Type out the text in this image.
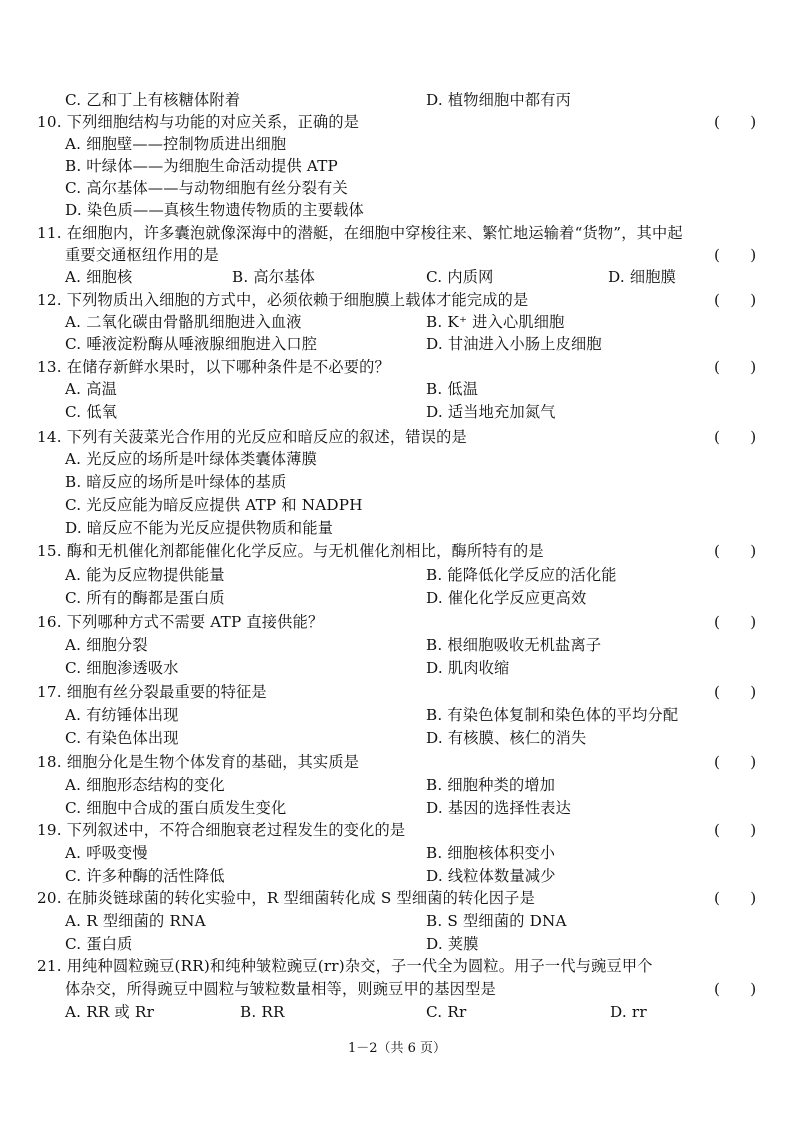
1－2（共 6 页）
C. 乙和丁上有核糖体附着	D. 植物细胞中都有丙
10. 下列细胞结构与功能的对应关系，正确的是
A. 细胞壁——控制物质进出细胞
B. 叶绿体——为细胞生命活动提供 ATP
C. 高尔基体——与动物细胞有丝分裂有关
D. 染色质——真核生物遗传物质的主要载体
11. 在细胞内，许多囊泡就像深海中的潜艇，在细胞中穿梭往来、繁忙地运输着“货物”，其中起
重要交通枢纽作用的是
A. 细胞核	B. 高尔基体	C. 内质网	D. 细胞膜
12. 下列物质出入细胞的方式中，必须依赖于细胞膜上载体才能完成的是
A. 二氧化碳由骨骼肌细胞进入血液	B. K⁺ 进入心肌细胞
C. 唾液淀粉酶从唾液腺细胞进入口腔	D. 甘油进入小肠上皮细胞
13. 在储存新鲜水果时，以下哪种条件是不必要的？
A. 高温	B. 低温
C. 低氧	D. 适当地充加氮气
14. 下列有关菠菜光合作用的光反应和暗反应的叙述，错误的是
A. 光反应的场所是叶绿体类囊体薄膜
B. 暗反应的场所是叶绿体的基质
C. 光反应能为暗反应提供 ATP 和 NADPH
D. 暗反应不能为光反应提供物质和能量
15. 酶和无机催化剂都能催化化学反应。与无机催化剂相比，酶所特有的是
A. 能为反应物提供能量	B. 能降低化学反应的活化能
C. 所有的酶都是蛋白质	D. 催化化学反应更高效
16. 下列哪种方式不需要 ATP 直接供能？
A. 细胞分裂	B. 根细胞吸收无机盐离子
C. 细胞渗透吸水	D. 肌肉收缩
17. 细胞有丝分裂最重要的特征是
A. 有纺锤体出现	B. 有染色体复制和染色体的平均分配
C. 有染色体出现	D. 有核膜、核仁的消失
18. 细胞分化是生物个体发育的基础，其实质是
A. 细胞形态结构的变化	B. 细胞种类的增加
C. 细胞中合成的蛋白质发生变化	D. 基因的选择性表达
19. 下列叙述中，不符合细胞衰老过程发生的变化的是
A. 呼吸变慢	B. 细胞核体积变小
C. 许多种酶的活性降低	D. 线粒体数量减少
20. 在肺炎链球菌的转化实验中，R 型细菌转化成 S 型细菌的转化因子是
A. R 型细菌的 RNA	B. S 型细菌的 DNA
C. 蛋白质	D. 荚膜
21. 用纯种圆粒豌豆(RR)和纯种皱粒豌豆(rr)杂交，子一代全为圆粒。用子一代与豌豆甲个
体杂交，所得豌豆中圆粒与皱粒数量相等，则豌豆甲的基因型是
A. RR 或 Rr	B. RR	C. Rr	D. rr
(　　)
(　　)
(　　)
(　　)
(　　)
(　　)
(　　)
(　　)
(　　)
(　　)
(　　)
(　　)
